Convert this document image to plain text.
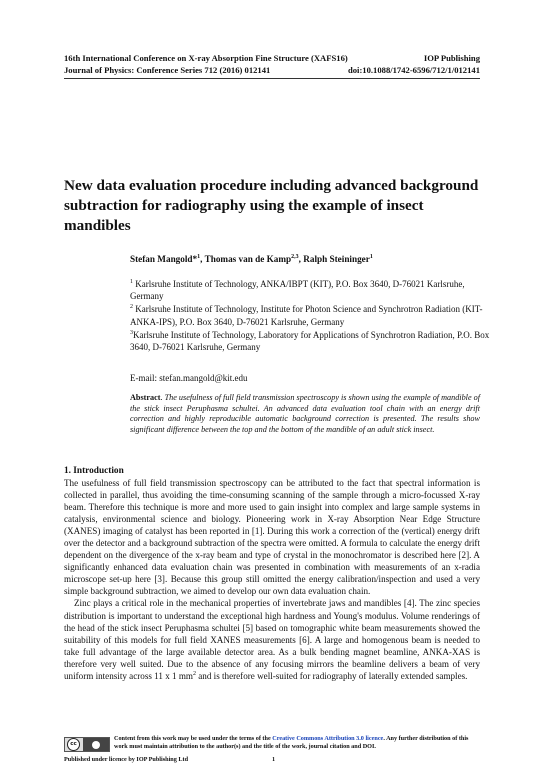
16th International Conference on X-ray Absorption Fine Structure (XAFS16)	IOP Publishing
Journal of Physics: Conference Series 712 (2016) 012141	doi:10.1088/1742-6596/712/1/012141
New data evaluation procedure including advanced background subtraction for radiography using the example of insect mandibles
Stefan Mangold*$^1$, Thomas van de Kamp$^{2,3}$, Ralph Steininger$^1$
$^1$ Karlsruhe Institute of Technology, ANKA/IBPT (KIT), P.O. Box 3640, D-76021 Karlsruhe, Germany
$^2$ Karlsruhe Institute of Technology, Institute for Photon Science and Synchrotron Radiation (KIT-ANKA-IPS), P.O. Box 3640, D-76021 Karlsruhe, Germany
$^3$Karlsruhe Institute of Technology, Laboratory for Applications of Synchrotron Radiation, P.O. Box 3640, D-76021 Karlsruhe, Germany
E-mail: stefan.mangold@kit.edu
Abstract. The usefulness of full field transmission spectroscopy is shown using the example of mandible of the stick insect Peruphasma schultei. An advanced data evaluation tool chain with an energy drift correction and highly reproducible automatic background correction is presented. The results show significant difference between the top and the bottom of the mandible of an adult stick insect.
1. Introduction

The usefulness of full field transmission spectroscopy can be attributed to the fact that spectral information is collected in parallel, thus avoiding the time-consuming scanning of the sample through a micro-focussed X-ray beam. Therefore this technique is more and more used to gain insight into complex and large sample systems in catalysis, environmental science and biology. Pioneering work in X-ray Absorption Near Edge Structure (XANES) imaging of catalyst has been reported in [1]. During this work a correction of the (vertical) energy drift over the detector and a background subtraction of the spectra were omitted. A formula to calculate the energy drift dependent on the divergence of the x-ray beam and type of crystal in the monochromator is described here [2]. A significantly enhanced data evaluation chain was presented in combination with measurements of an x-radia microscope set-up here [3]. Because this group still omitted the energy calibration/inspection and used a very simple background subtraction, we aimed to develop our own data evaluation chain.

Zinc plays a critical role in the mechanical properties of invertebrate jaws and mandibles [4]. The zinc species distribution is important to understand the exceptional high hardness and Young's modulus. Volume renderings of the head of the stick insect Peruphasma schultei [5] based on tomographic white beam measurements showed the suitability of this models for full field XANES measurements [6]. A large and homogenous beam is needed to take full advantage of the large available detector area. As a bulk bending magnet beamline, ANKA-XAS is therefore very well suited. Due to the absence of any focusing mirrors the beamline delivers a beam of very uniform intensity across 11 x 1 $mm^2$ and is therefore well-suited for radiography of laterally extended samples.

cc
Content from this work may be used under the terms of the Creative Commons Attribution 3.0 licence. Any further distribution of this work must maintain attribution to the author(s) and the title of the work, journal citation and DOI.
Published under licence by IOP Publishing Ltd	1
